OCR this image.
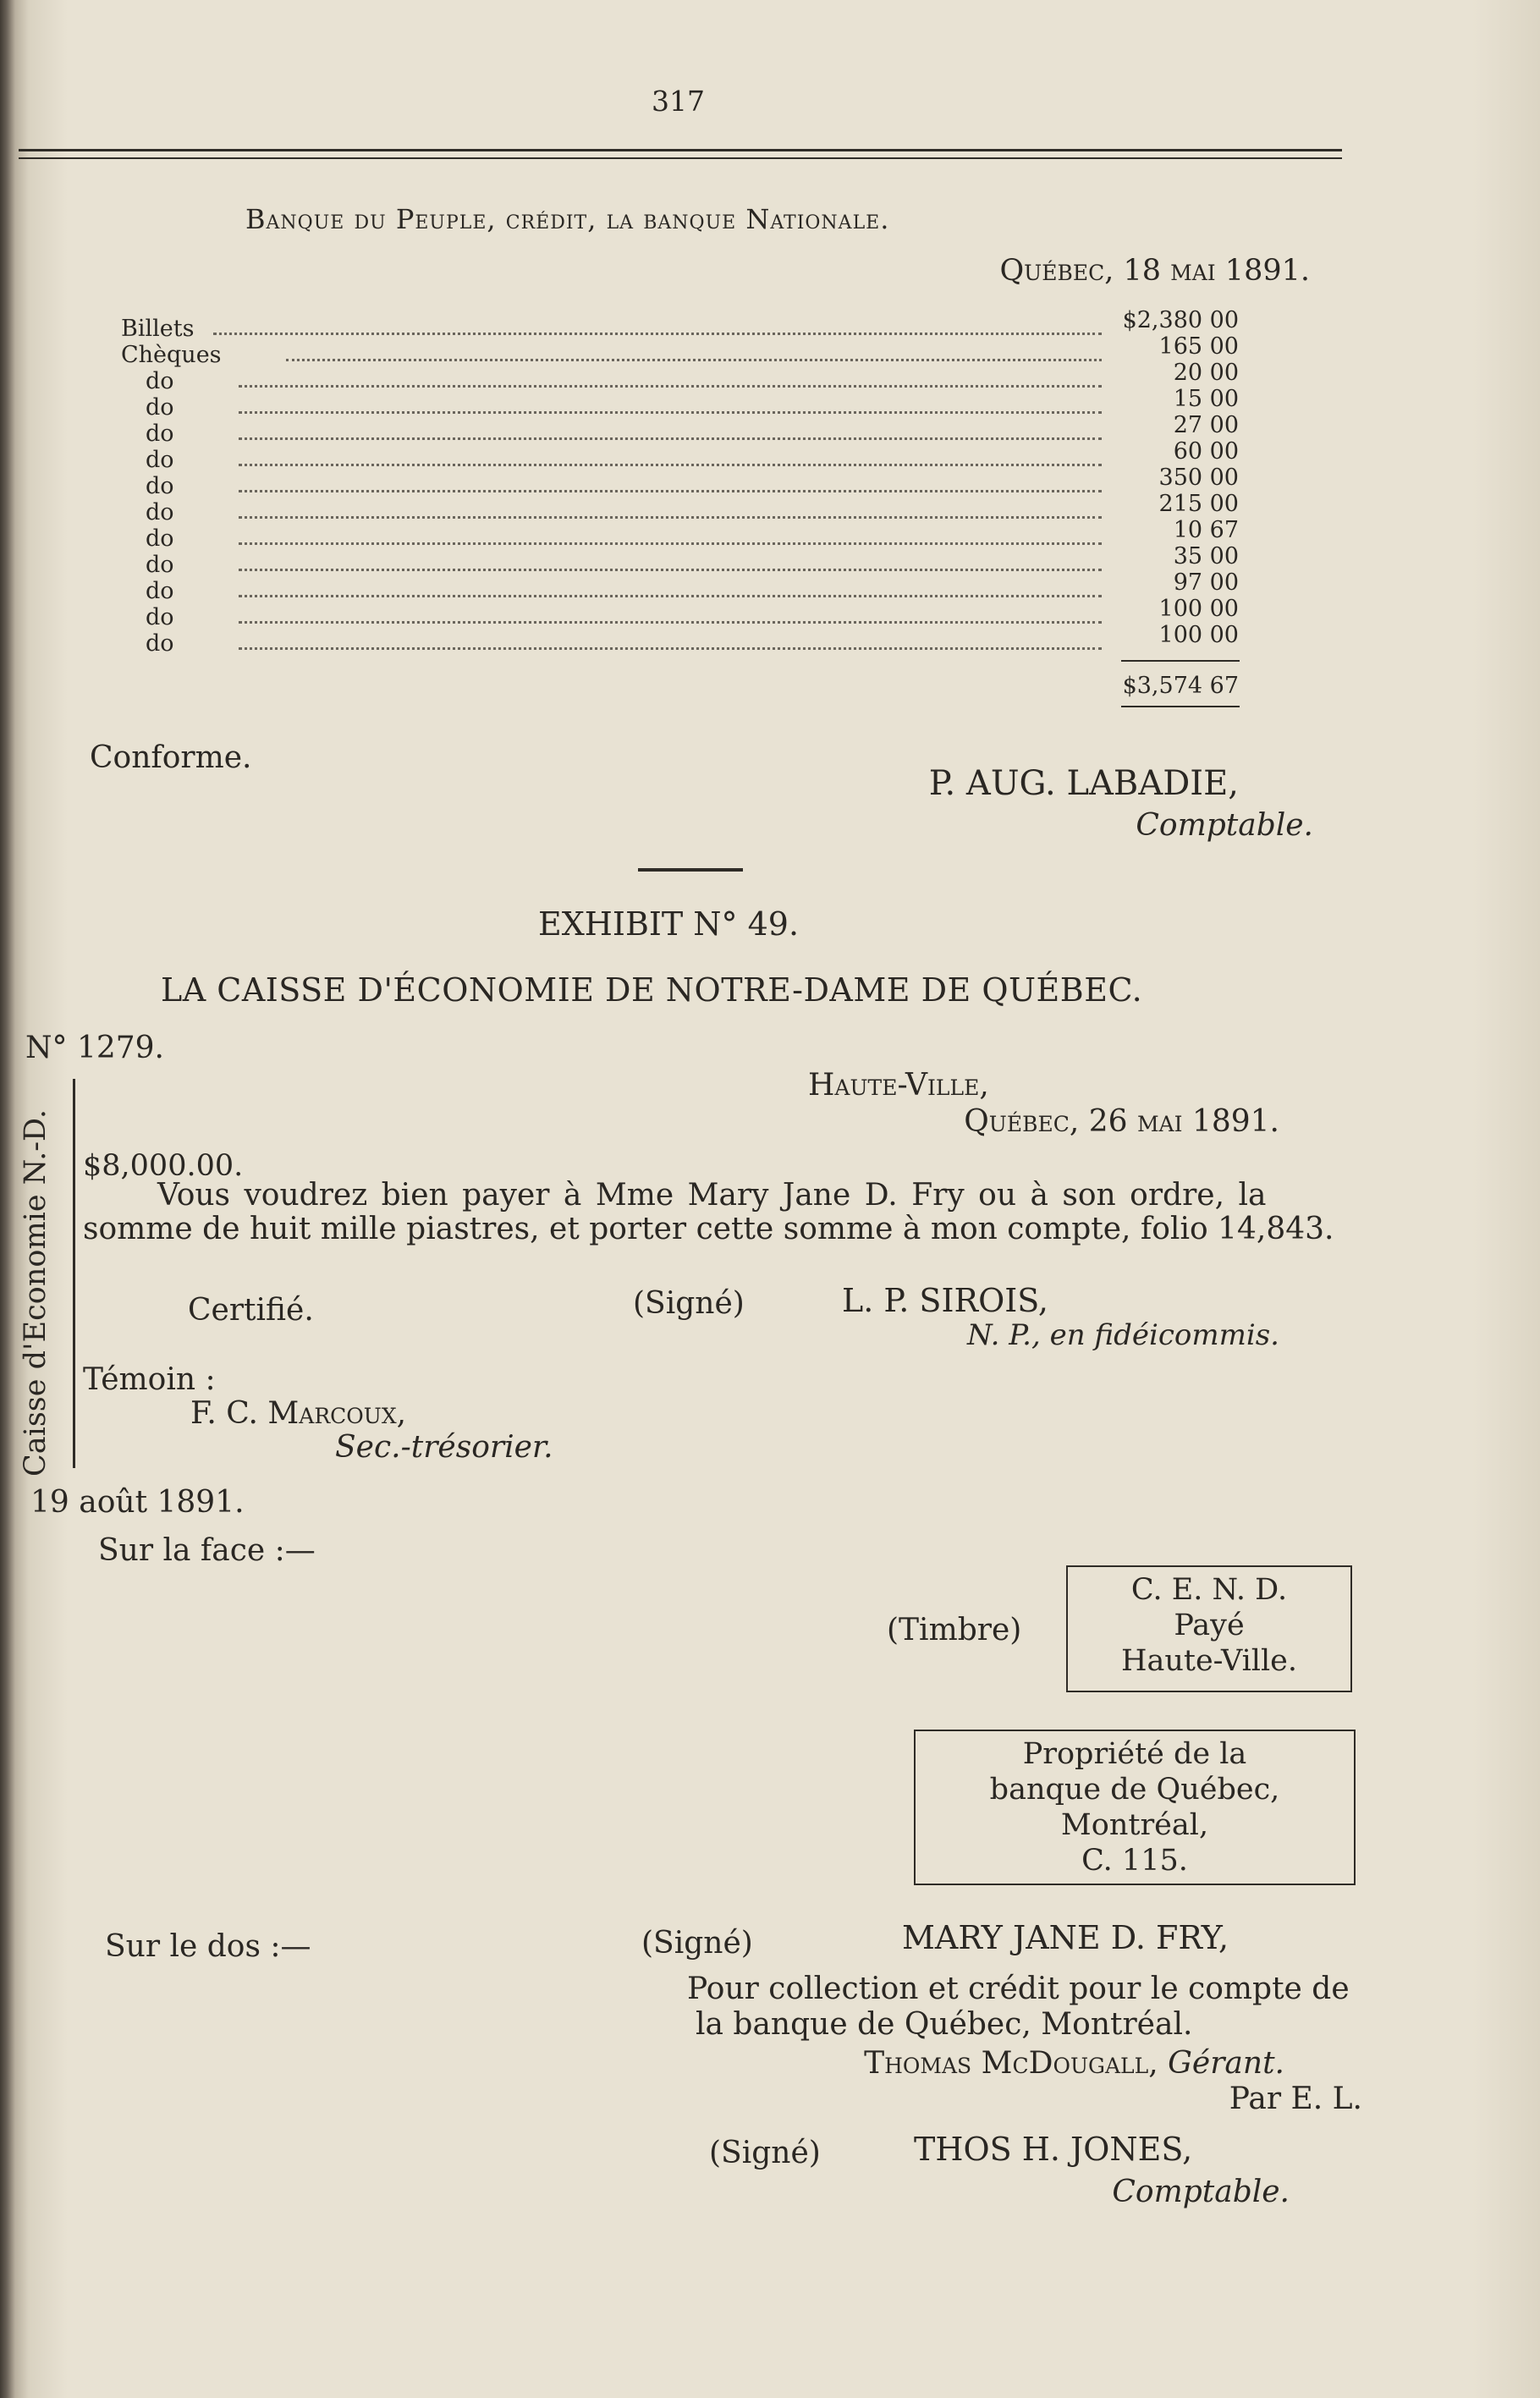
317
Banque du Peuple, crédit, la banque Nationale.
Québec, 18 mai 1891.
Billets	$2,380 00
Chèques	165 00
do	20 00
do	15 00
do	27 00
do	60 00
do	350 00
do	215 00
do	10 67
do	35 00
do	97 00
do	100 00
do	100 00
$3,574 67
Conforme.
P. AUG. LABADIE,
Comptable.
EXHIBIT N° 49.
LA CAISSE D'ÉCONOMIE DE NOTRE-DAME DE QUÉBEC.
N° 1279.
Caisse d'Economie N.-D.
Haute-Ville,
Québec, 26 mai 1891.
$8,000.00.
Vous voudrez bien payer à Mme Mary Jane D. Fry ou à son ordre, la
somme de huit mille piastres, et porter cette somme à mon compte, folio 14,843.
Certifié.	(Signé)	L. P. SIROIS,
N. P., en fidéicommis.
Témoin :
F. C. Marcoux,
Sec.-trésorier.
19 août 1891.
Sur la face :—
(Timbre)
C. E. N. D.
Payé
Haute-Ville.
Propriété de la
banque de Québec,
Montréal,
C. 115.
Sur le dos :—	(Signé)	MARY JANE D. FRY,
Pour collection et crédit pour le compte de
la banque de Québec, Montréal.
Thomas McDougall, Gérant.
Par E. L.
(Signé)	THOS H. JONES,
Comptable.
